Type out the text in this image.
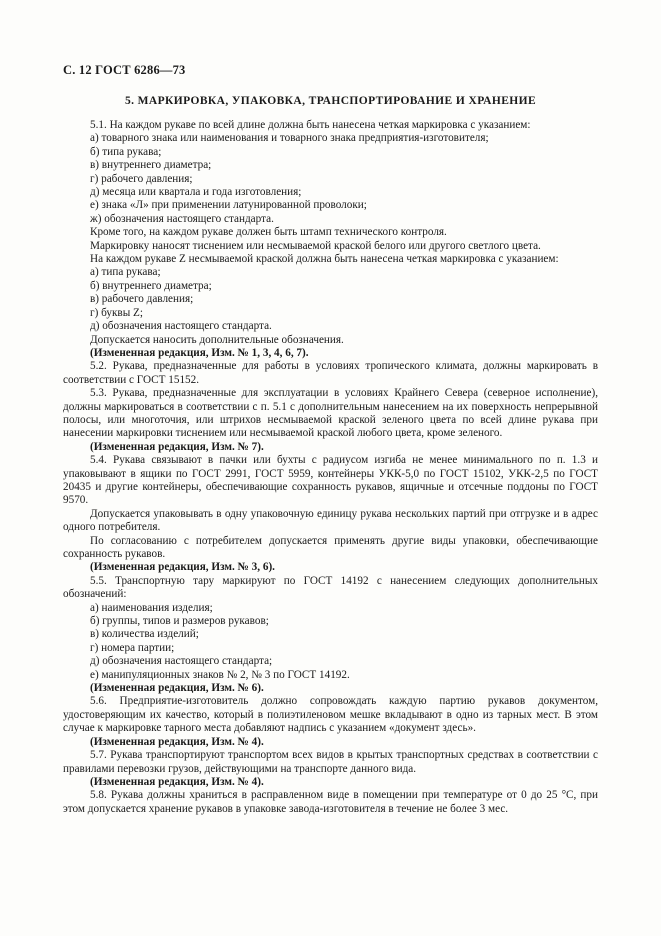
С. 12 ГОСТ 6286—73
5. МАРКИРОВКА, УПАКОВКА, ТРАНСПОРТИРОВАНИЕ И ХРАНЕНИЕ

5.1. На каждом рукаве по всей длине должна быть нанесена четкая маркировка с указанием:

а) товарного знака или наименования и товарного знака предприятия-изготовителя;

б) типа рукава;

в) внутреннего диаметра;

г) рабочего давления;

д) месяца или квартала и года изготовления;

е) знака «Л» при применении латунированной проволоки;

ж) обозначения настоящего стандарта.

Кроме того, на каждом рукаве должен быть штамп технического контроля.

Маркировку наносят тиснением или несмываемой краской белого или другого светлого цвета.

На каждом рукаве Z несмываемой краской должна быть нанесена четкая маркировка с указанием:

а) типа рукава;

б) внутреннего диаметра;

в) рабочего давления;

г) буквы Z;

д) обозначения настоящего стандарта.

Допускается наносить дополнительные обозначения.

(Измененная редакция, Изм. № 1, 3, 4, 6, 7).

5.2. Рукава, предназначенные для работы в условиях тропического климата, должны маркировать в соответствии с ГОСТ 15152.

5.3. Рукава, предназначенные для эксплуатации в условиях Крайнего Севера (северное исполнение), должны маркироваться в соответствии с п. 5.1 с дополнительным нанесением на их поверхность непрерывной полосы, или многоточия, или штрихов несмываемой краской зеленого цвета по всей длине рукава при нанесении маркировки тиснением или несмываемой краской любого цвета, кроме зеленого.

(Измененная редакция, Изм. № 7).

5.4. Рукава связывают в пачки или бухты с радиусом изгиба не менее минимального по п. 1.3 и упаковывают в ящики по ГОСТ 2991, ГОСТ 5959, контейнеры УКК-5,0 по ГОСТ 15102, УКК-2,5 по ГОСТ 20435 и другие контейнеры, обеспечивающие сохранность рукавов, ящичные и отсечные поддоны по ГОСТ 9570.

Допускается упаковывать в одну упаковочную единицу рукава нескольких партий при отгрузке и в адрес одного потребителя.

По согласованию с потребителем допускается применять другие виды упаковки, обеспечивающие сохранность рукавов.

(Измененная редакция, Изм. № 3, 6).

5.5. Транспортную тару маркируют по ГОСТ 14192 с нанесением следующих дополнительных обозначений:

а) наименования изделия;

б) группы, типов и размеров рукавов;

в) количества изделий;

г) номера партии;

д) обозначения настоящего стандарта;

е) манипуляционных знаков № 2, № 3 по ГОСТ 14192.

(Измененная редакция, Изм. № 6).

5.6. Предприятие-изготовитель должно сопровождать каждую партию рукавов документом, удостоверяющим их качество, который в полиэтиленовом мешке вкладывают в одно из тарных мест. В этом случае к маркировке тарного места добавляют надпись с указанием «документ здесь».

(Измененная редакция, Изм. № 4).

5.7. Рукава транспортируют транспортом всех видов в крытых транспортных средствах в соответствии с правилами перевозки грузов, действующими на транспорте данного вида.

(Измененная редакция, Изм. № 4).

5.8. Рукава должны храниться в расправленном виде в помещении при температуре от 0 до 25 °С, при этом допускается хранение рукавов в упаковке завода-изготовителя в течение не более 3 мес.
